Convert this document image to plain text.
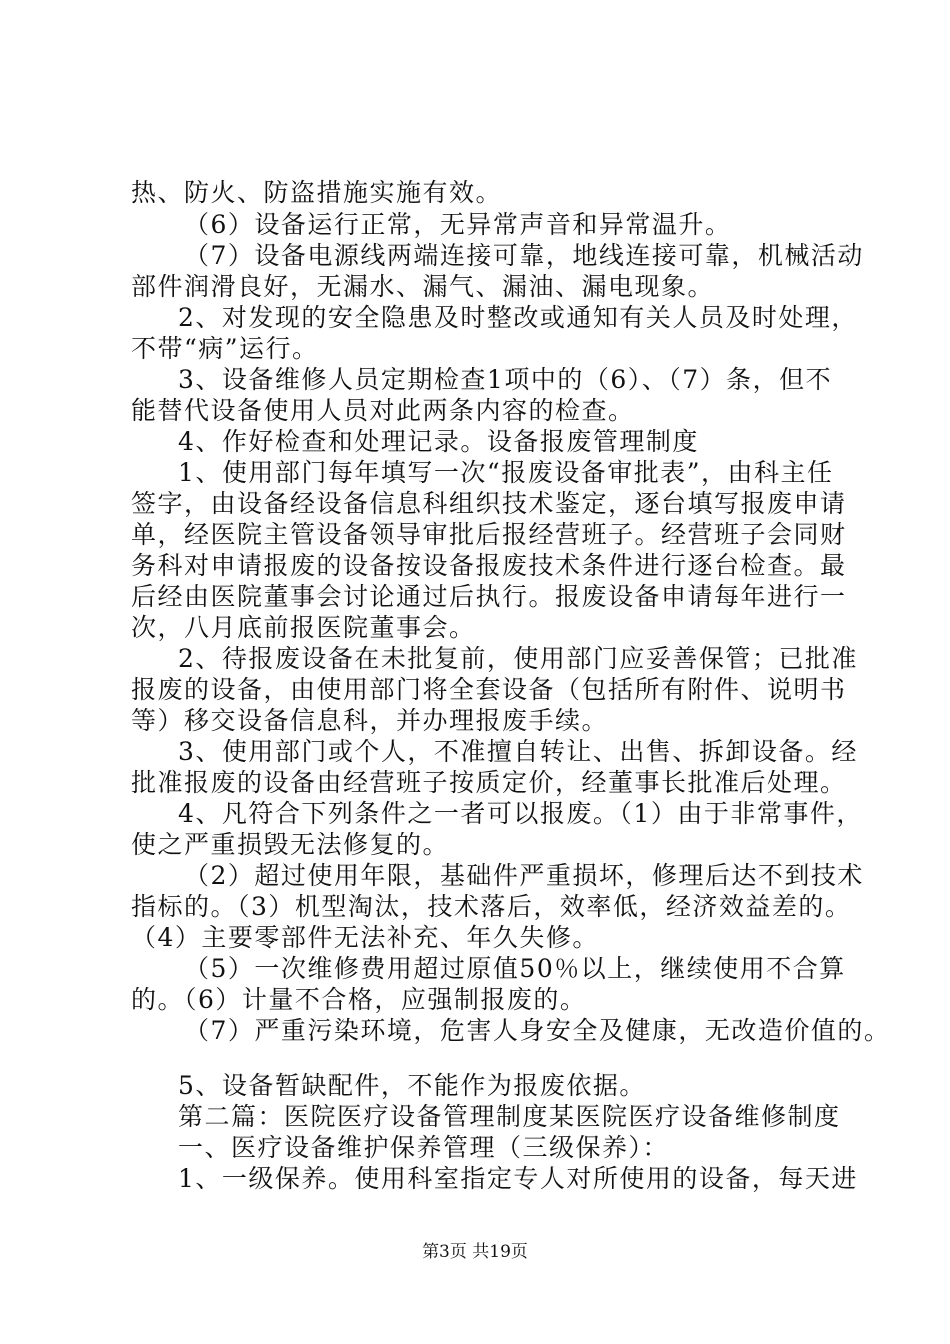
热、防火、防盗措施实施有效。
（6）设备运行正常，无异常声音和异常温升。
（7）设备电源线两端连接可靠，地线连接可靠，机械活动
部件润滑良好，无漏水、漏气、漏油、漏电现象。
2、对发现的安全隐患及时整改或通知有关人员及时处理，
不带“病”运行。
3、设备维修人员定期检查1项中的（6）、（7）条，但不
能替代设备使用人员对此两条内容的检查。
4、作好检查和处理记录。设备报废管理制度
1、使用部门每年填写一次“报废设备审批表”，由科主任
签字，由设备经设备信息科组织技术鉴定，逐台填写报废申请
单，经医院主管设备领导审批后报经营班子。经营班子会同财
务科对申请报废的设备按设备报废技术条件进行逐台检查。最
后经由医院董事会讨论通过后执行。报废设备申请每年进行一
次，八月底前报医院董事会。
2、待报废设备在未批复前，使用部门应妥善保管；已批准
报废的设备，由使用部门将全套设备（包括所有附件、说明书
等）移交设备信息科，并办理报废手续。
3、使用部门或个人，不准擅自转让、出售、拆卸设备。经
批准报废的设备由经营班子按质定价，经董事长批准后处理。
4、凡符合下列条件之一者可以报废。（1）由于非常事件，
使之严重损毁无法修复的。
（2）超过使用年限，基础件严重损坏，修理后达不到技术
指标的。（3）机型淘汰，技术落后，效率低，经济效益差的。
（4）主要零部件无法补充、年久失修。
（5）一次维修费用超过原值50％以上，继续使用不合算
的。（6）计量不合格，应强制报废的。
（7）严重污染环境，危害人身安全及健康，无改造价值的。
5、设备暂缺配件，不能作为报废依据。
第二篇：医院医疗设备管理制度某医院医疗设备维修制度
一、医疗设备维护保养管理（三级保养）：
1、一级保养。使用科室指定专人对所使用的设备，每天进
第3页 共19页
